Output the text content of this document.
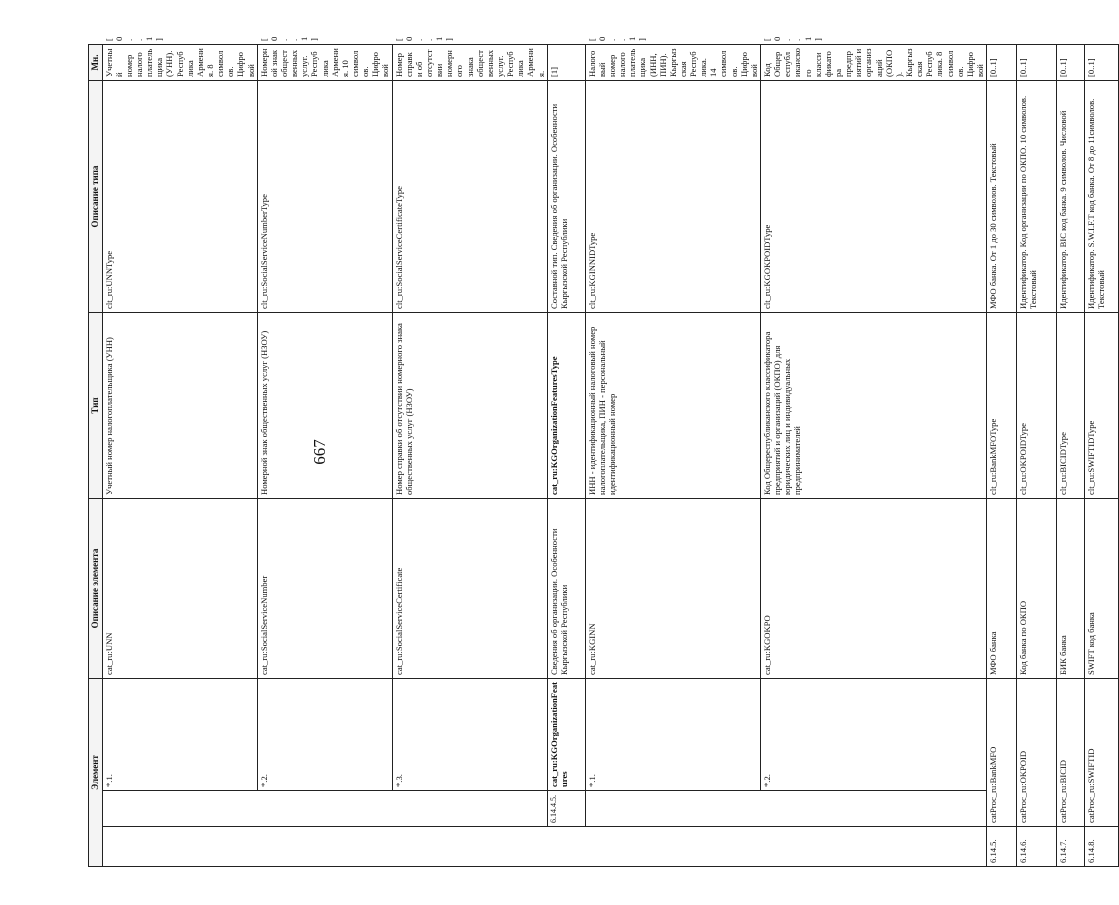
667
Элемент			Описание элемента	Тип	Описание типа	Мн.	
		*.1.	cat_ru:UNN	Учетный номер налогоплательщика (УНН)	clt_ru:UNNType	Учетный номер налогоплательщика (УНН). Республика Армения. 8 символов. Цифровой	[0..1]
		*.2.	cat_ru:SocialServiceNumber	Номерной знак общественных услуг (НЗОУ)	clt_ru:SocialServiceNumberType	Номерной знак общественных услуг. Республика Армения. 10 символов. Цифровой	[0..1]
		*.3.	cat_ru:SocialServiceCertificate	Номер справки об отсутствии номерного знака общественных услуг (НЗОУ)	clt_ru:SocialServiceCertificateType	Номер справки об отсутствии номерного знака общественных услуг. Республика Армения.	[0..1]
	6.14.4.5.	cat_ru:KGOrganizationFeatures	Сведения об организации. Особенности Кыргызской Республики	cat_ru:KGOrganizationFeaturesType	Составной тип. Сведения об организации. Особенности Кыргызской Республики	[1]	
		*.1.	cat_ru:KGINN	ИНН - идентификационный налоговый номер налогоплательщика, ПИН - персональный идентификационный номер	clt_ru:KGINNIDType	Налоговый номер налогоплательщика (ИНН, ПИН). Кыргызская Республика. 14 символов. Цифровой	[0..1]
		*.2.	cat_ru:KGOKPO	Код Общереспубликанского классификатора предприятий и организаций (ОКПО) для юридических лиц и индивидуальных предпринимателей	clt_ru:KGOKPOIDType	Код Общереспубликанского классификатора предприятий и организаций (ОКПО). Кыргызская Республика. 8 символов. Цифровой	[0..1]
6.14.5.	catProc_ru:BankMFO		МФО банка	clt_ru:BankMFOType	МФО банка. От 1 до 30 символов. Текстовый	[0..1]	
6.14.6.	catProc_ru:OKPOID		Код банка по ОКПО	clt_ru:OKPOIDType	Идентификатор. Код организации по ОКПО. 10 символов. Текстовый	[0..1]	
6.14.7.	catProc_ru:BICID		БИК банка	clt_ru:BICIDType	Идентификатор. BIC код банка. 9 символов. Числовой	[0..1]	
6.14.8.	catProc_ru:SWIFTID		SWIFT код банка	clt_ru:SWIFTIDType	Идентификатор. S.W.I.F.T код банка. От 8 до 11символов. Текстовый	[0..1]	
